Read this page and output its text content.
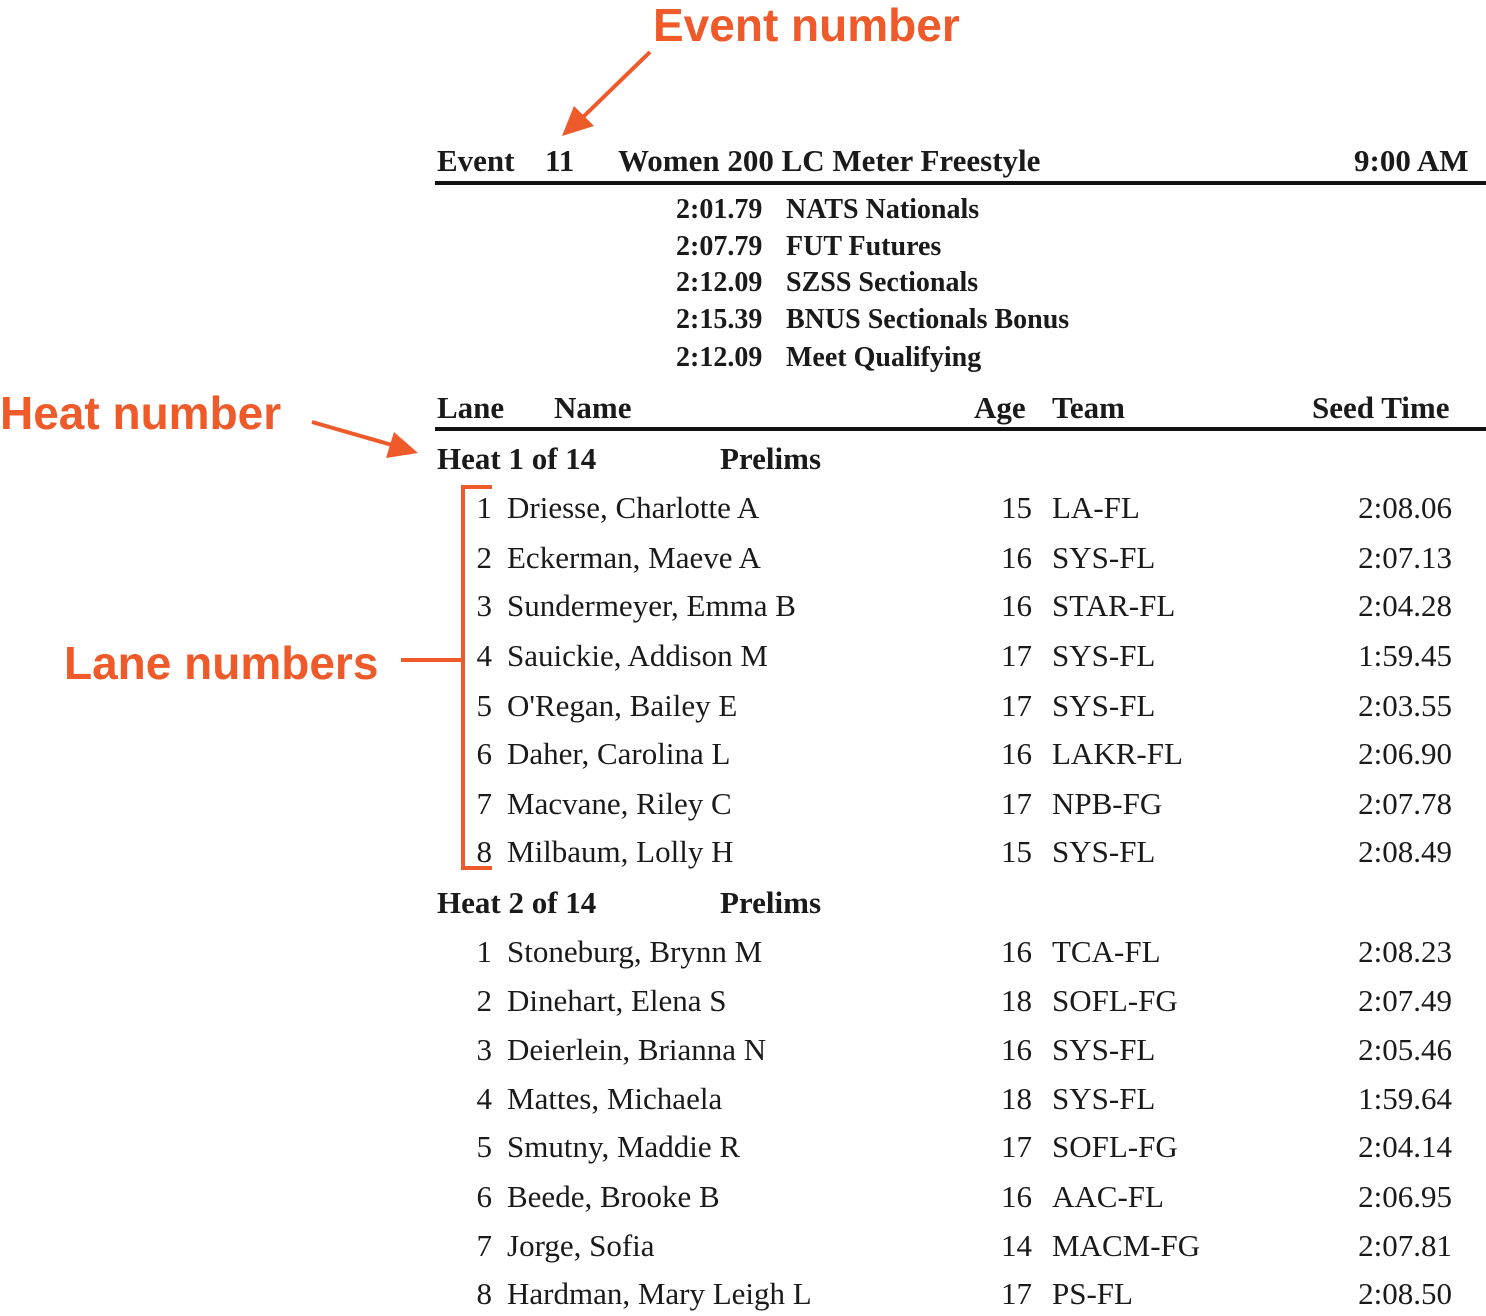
Event number
Heat number
Lane numbers
Event 11 Women 200 LC Meter Freestyle	9:00 AM
2:01.79 NATS Nationals
2:07.79 FUT Futures
2:12.09 SZSS Sectionals
2:15.39 BNUS Sectionals Bonus
2:12.09 Meet Qualifying
Lane Name	Age Team	Seed Time
Heat 1 of 14	Prelims
1 Driesse, Charlotte A	15 LA-FL	2:08.06
2 Eckerman, Maeve A	16 SYS-FL	2:07.13
3 Sundermeyer, Emma B	16 STAR-FL	2:04.28
4 Sauickie, Addison M	17 SYS-FL	1:59.45
5 O'Regan, Bailey E	17 SYS-FL	2:03.55
6 Daher, Carolina L	16 LAKR-FL	2:06.90
7 Macvane, Riley C	17 NPB-FG	2:07.78
8 Milbaum, Lolly H	15 SYS-FL	2:08.49
Heat 2 of 14	Prelims
1 Stoneburg, Brynn M	16 TCA-FL	2:08.23
2 Dinehart, Elena S	18 SOFL-FG	2:07.49
3 Deierlein, Brianna N	16 SYS-FL	2:05.46
4 Mattes, Michaela	18 SYS-FL	1:59.64
5 Smutny, Maddie R	17 SOFL-FG	2:04.14
6 Beede, Brooke B	16 AAC-FL	2:06.95
7 Jorge, Sofia	14 MACM-FG	2:07.81
8 Hardman, Mary Leigh L	17 PS-FL	2:08.50
